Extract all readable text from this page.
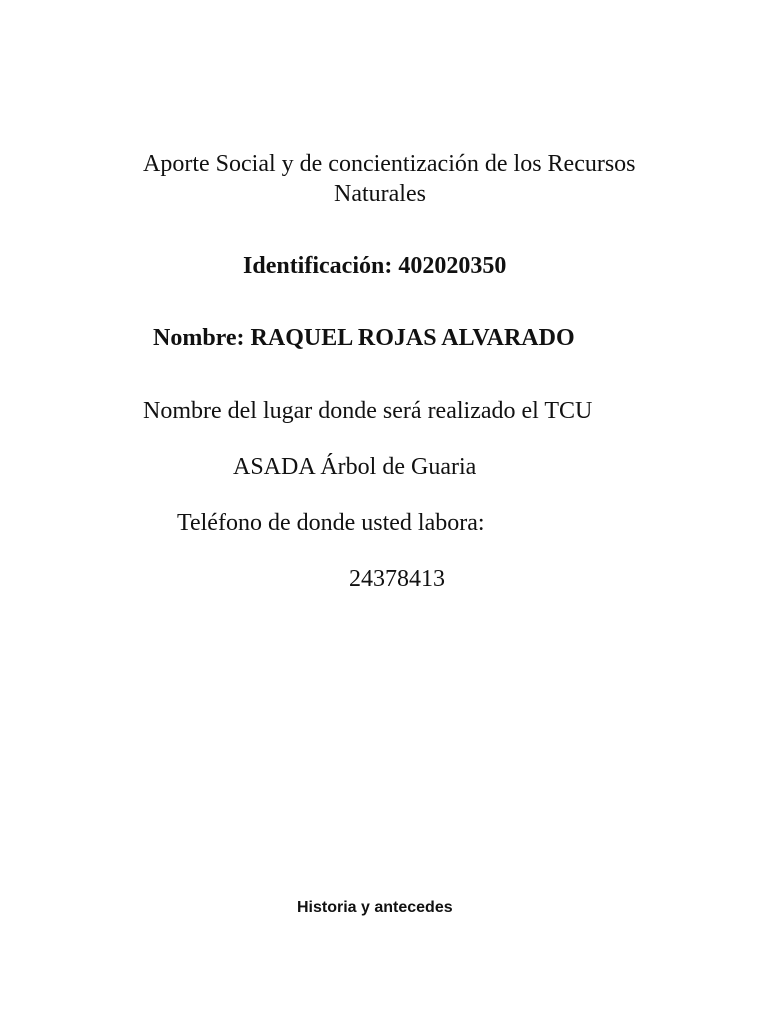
Aporte Social y de concientización de los Recursos
Naturales
Identificación: 402020350
Nombre: RAQUEL ROJAS ALVARADO
Nombre del lugar donde será realizado el TCU
ASADA Árbol de Guaria
Teléfono de donde usted labora:
24378413
Historia y antecedes
